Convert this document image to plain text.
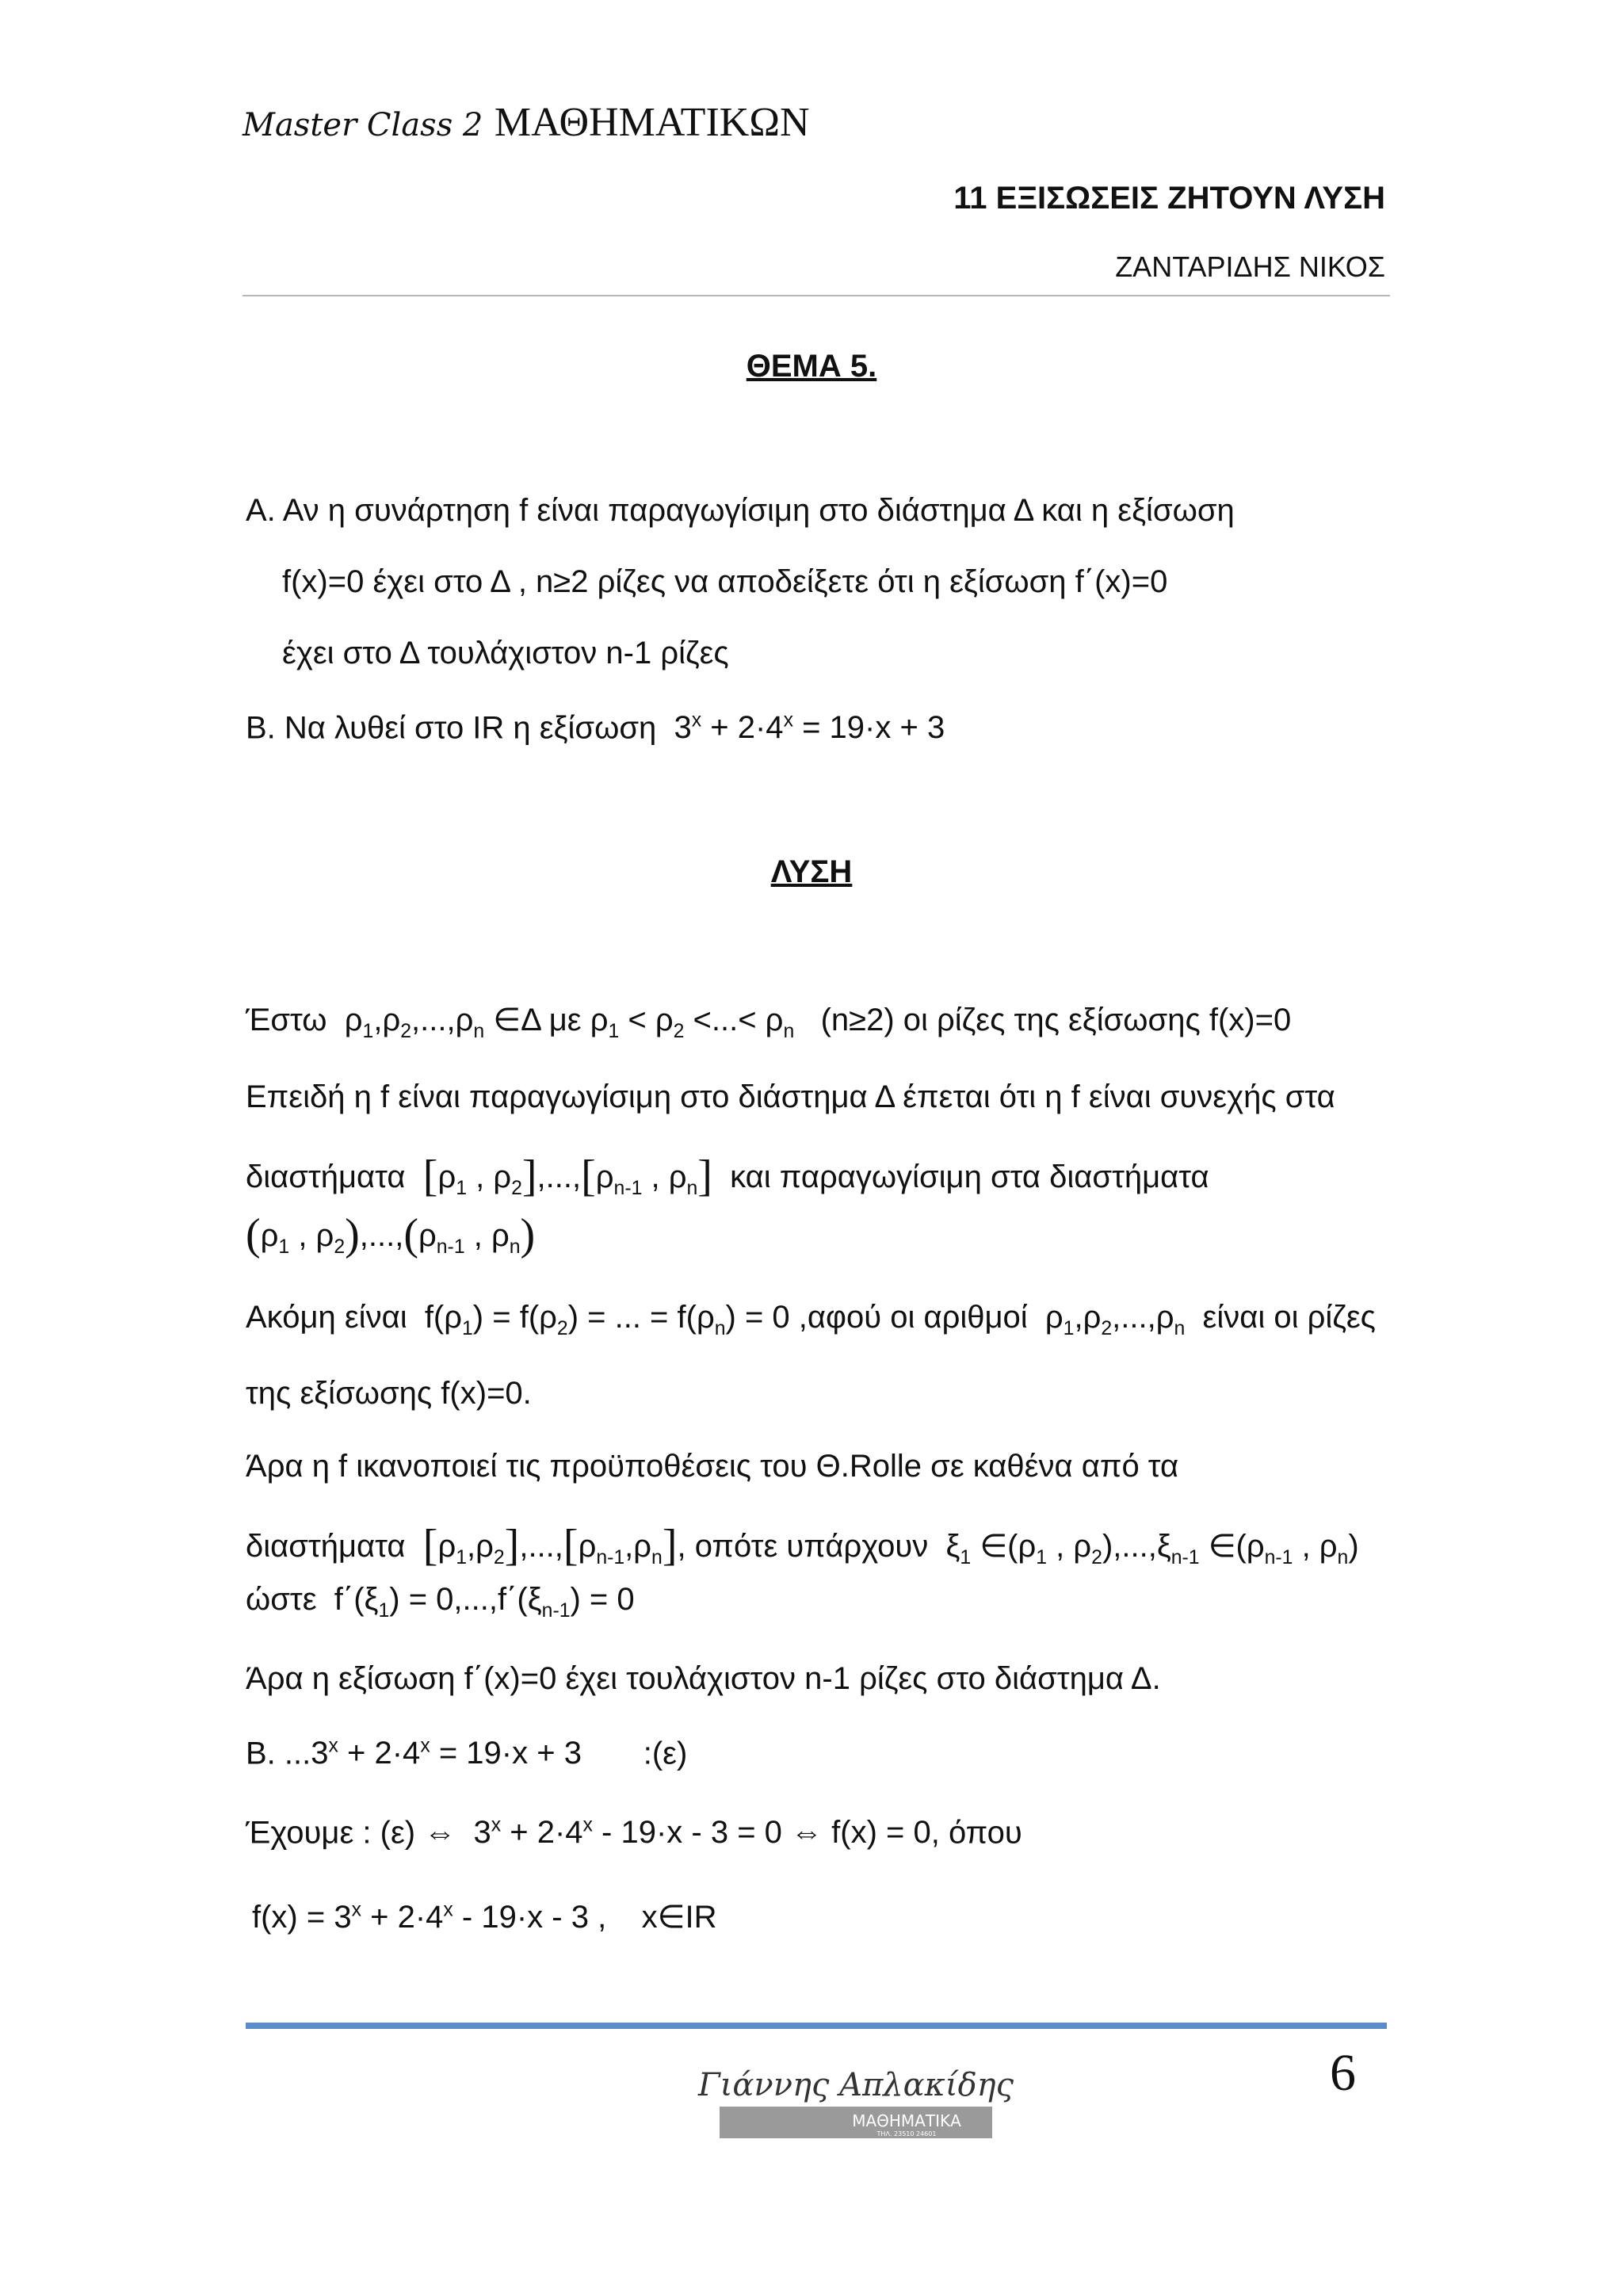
Master Class 2 ΜΑΘΗΜΑΤΙΚΩΝ
11 ΕΞΙΣΩΣΕΙΣ ΖΗΤΟΥΝ ΛΥΣΗ
ΖΑΝΤΑΡΙΔΗΣ ΝΙΚΟΣ
ΘΕΜΑ 5.
Α. Αν η συνάρτηση f είναι παραγωγίσιμη στο διάστημα Δ και η εξίσωση
f(x)=0 έχει στο Δ , n≥2 ρίζες να αποδείξετε ότι η εξίσωση f΄(x)=0
έχει στο Δ τουλάχιστον n-1 ρίζες
Β. Να λυθεί στο IR η εξίσωση $3^x + 2\cdot 4^x = 19\cdot x + 3$
ΛΥΣΗ
Έστω $\rho_1,\rho_2,...,\rho_n$ ∈Δ με $\rho_1 < \rho_2$ <...< $\rho_n$ (n≥2) οι ρίζες της εξίσωσης f(x)=0
Επειδή η f είναι παραγωγίσιμη στο διάστημα Δ έπεται ότι η f είναι συνεχής στα
διαστήματα [$\rho_1$ , $\rho_2],...,[\rho_{n-1}$ , $\rho_n$] και παραγωγίσιμη στα διαστήματα
($\rho_1$ , $\rho_2),...,(\rho_{n-1}$ , $\rho_n$)
Ακόμη είναι $f(\rho_1) = f(\rho_2)$ = ... = $f(\rho_n) = 0$ ,αφού οι αριθμοί $\rho_1,\rho_2,...,\rho_n$ είναι οι ρίζες
της εξίσωσης f(x)=0.
Άρα η f ικανοποιεί τις προϋποθέσεις του Θ.Rolle σε καθένα από τα
διαστήματα $[\rho_1,\rho_2],...,[\rho_{n-1},\rho_n]$, οπότε υπάρχουν $\xi_1$ $\in(\rho_1$ , $\rho_2),...,\xi_{n-1}$ $\in(\rho_{n-1}$ , $\rho_n$)
ώστε $f΄(\xi_1) = 0,...,f΄(\xi_{n-1}) = 0$
Άρα η εξίσωση f΄(x)=0 έχει τουλάχιστον n-1 ρίζες στο διάστημα Δ.
Β. $...3^x + 2\cdot 4^x = 19\cdot x + 3$ :(ε)
Έχουμε : (ε) ⇔ $3^x + 2\cdot 4^x - 19\cdot x - 3 = 0$ ⇔ f(x) = 0, όπου
$f(x) = 3^x + 2\cdot 4^x - 19\cdot x - 3$ , x∈IR
Γιάννης Απλακίδης
ΜΑΘΗΜΑΤΙΚΑ
ΤΗΛ. 23510 24601
6
